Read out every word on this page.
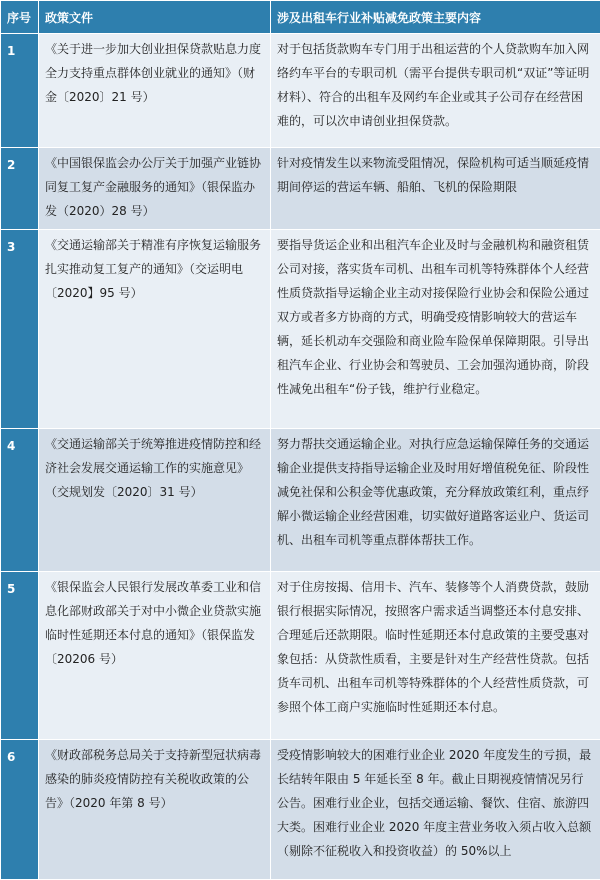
序号	政策文件	涉及出租车行业补贴减免政策主要内容
1	《关于进一步加大创业担保贷款贴息力度全力支持重点群体创业就业的通知》（财金〔2020〕21 号）	对于包括货款购车专门用于出租运营的个人贷款购车加入网络约车平台的专职司机（需平台提供专职司机“双证”等证明材料）、符合的出租车及网约车企业或其子公司存在经营困难的，可以次申请创业担保贷款。
2	《中国银保监会办公厅关于加强产业链协同复工复产金融服务的通知》（银保监办发（2020）28 号）	针对疫情发生以来物流受阻情况，保险机构可适当顺延疫情期间停运的营运车辆、船舶、飞机的保险期限
3	《交通运输部关于精准有序恢复运输服务扎实推动复工复产的通知》（交运明电〔2020】95 号）	要指导货运企业和出租汽车企业及时与金融机构和融资租赁公司对接，落实货车司机、出租车司机等特殊群体个人经营性质贷款指导运输企业主动对接保险行业协会和保险公通过双方或者多方协商的方式，明确受疫情影响较大的营运车辆，延长机动车交强险和商业险车险保单保障期限。引导出租汽车企业、行业协会和驾驶员、工会加强沟通协商，阶段性减免出租车“份子钱，维护行业稳定。
4	《交通运输部关于统筹推进疫情防控和经济社会发展交通运输工作的实施意见》（交规划发〔2020〕31 号）	努力帮扶交通运输企业。对执行应急运输保障任务的交通运输企业提供支持指导运输企业及时用好增值税免征、阶段性减免社保和公积金等优惠政策，充分释放政策红利，重点纾解小微运输企业经营困难，切实做好道路客运业户、货运司机、出租车司机等重点群体帮扶工作。
5	《银保监会人民银行发展改革委工业和信息化部财政部关于对中小微企业贷款实施临时性延期还本付息的通知》（银保监发〔20206 号）	对于住房按揭、信用卡、汽车、装修等个人消费贷款，鼓励银行根据实际情况，按照客户需求适当调整还本付息安排、合理延后还款期限。临时性延期还本付息政策的主要受惠对象包括：从贷款性质看，主要是针对生产经营性贷款。包括货车司机、出租车司机等特殊群体的个人经营性质贷款，可参照个体工商户实施临时性延期还本付息。
6	《财政部税务总局关于支持新型冠状病毒感染的肺炎疫情防控有关税收政策的公告》（2020 年第 8 号）	受疫情影响较大的困难行业企业 2020 年度发生的亏损，最长结转年限由 5 年延长至 8 年。截止日期视疫情情况另行公告。困难行业企业，包括交通运输、餐饮、住宿、旅游四大类。困难行业企业 2020 年度主营业务收入须占收入总额（剔除不征税收入和投资收益）的 50%以上
